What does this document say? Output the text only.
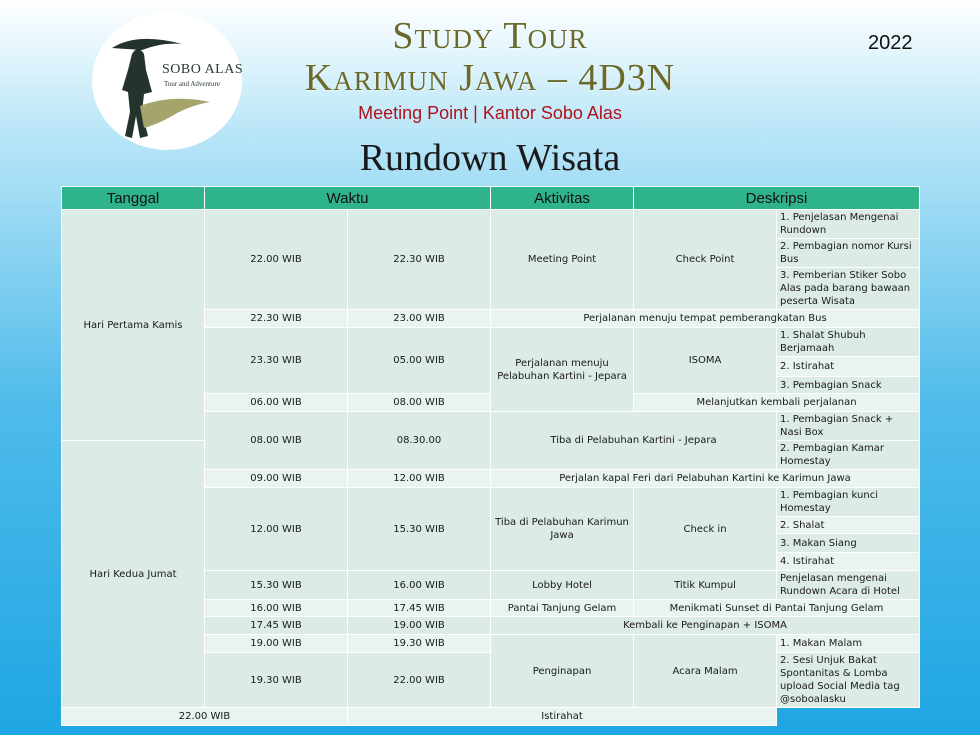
SOBO ALAS
Tour and Adventure
Study Tour
Karimun Jawa – 4D3N
Meeting Point | Kantor Sobo Alas
2022
Rundown Wisata
Tanggal	Waktu		Aktivitas	Deskripsi	
Hari Pertama Kamis	22.00 WIB	22.30 WIB	Meeting Point	Check Point	1. Penjelasan Mengenai Rundown
					2. Pembagian nomor Kursi Bus
					3. Pemberian Stiker Sobo Alas pada barang bawaan peserta Wisata
	22.30 WIB	23.00 WIB	Perjalanan menuju tempat pemberangkatan Bus		
	23.30 WIB	05.00 WIB	Perjalanan menuju Pelabuhan Kartini - Jepara	ISOMA	1. Shalat Shubuh Berjamaah
					2. Istirahat
					3. Pembagian Snack
	06.00 WIB	08.00 WIB		Melanjutkan kembali perjalanan	
	08.00 WIB	08.30.00	Tiba di Pelabuhan Kartini - Jepara		1. Pembagian Snack + Nasi Box
Hari Kedua Jumat					2. Pembagian Kamar Homestay
	09.00 WIB	12.00 WIB	Perjalan kapal Feri dari Pelabuhan Kartini ke Karimun Jawa		
	12.00 WIB	15.30 WIB	Tiba di Pelabuhan Karimun Jawa	Check in	1. Pembagian kunci Homestay
					2. Shalat
					3. Makan Siang
					4. Istirahat
	15.30 WIB	16.00 WIB	Lobby Hotel	Titik Kumpul	Penjelasan mengenai Rundown Acara di Hotel
	16.00 WIB	17.45 WIB	Pantai Tanjung Gelam	Menikmati Sunset di Pantai Tanjung Gelam	
	17.45 WIB	19.00 WIB	Kembali ke Penginapan + ISOMA		
	19.00 WIB	19.30 WIB	Penginapan	Acara Malam	1. Makan Malam
	19.30 WIB	22.00 WIB			2. Sesi Unjuk Bakat Spontanitas & Lomba upload Social Media tag @soboalasku
22.00 WIB		Istirahat			
